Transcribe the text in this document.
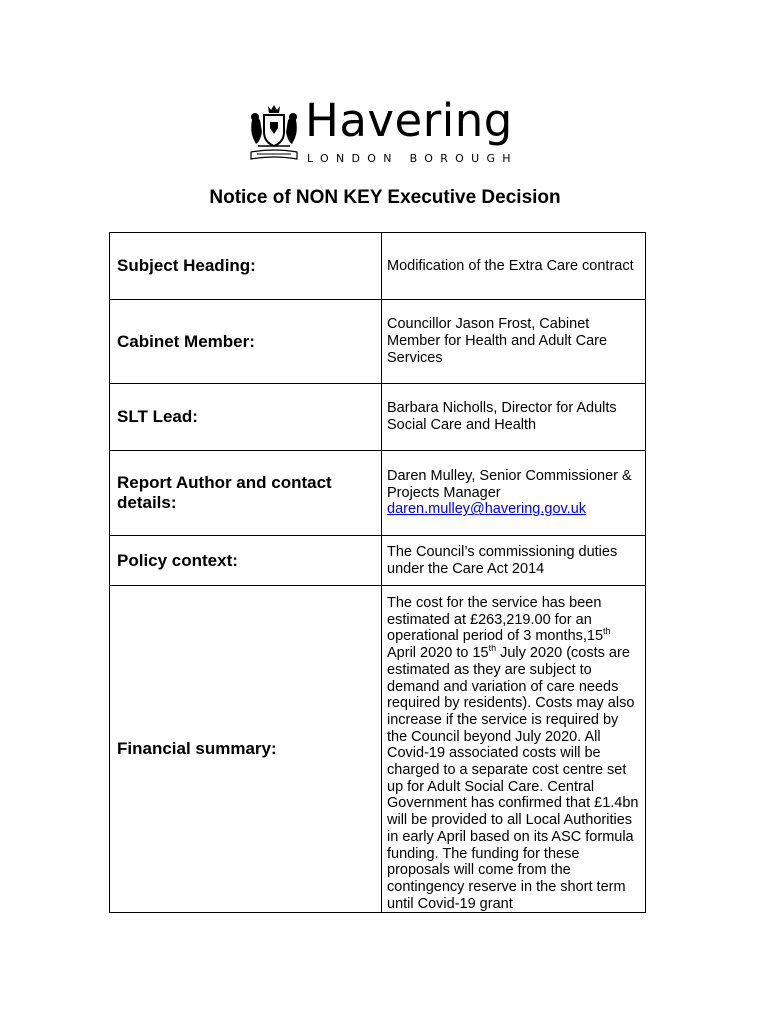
Havering
LONDON BOROUGH
Notice of NON KEY Executive Decision
Subject Heading:	Modification of the Extra Care contract
Cabinet Member:	Councillor Jason Frost, Cabinet Member for Health and Adult Care Services
SLT Lead:	Barbara Nicholls, Director for Adults Social Care and Health
Report Author and contact details:	Daren Mulley, Senior Commissioner & Projects Manager
daren.mulley@havering.gov.uk
Policy context:	The Council’s commissioning duties under the Care Act 2014
Financial summary:	The cost for the service has been estimated at £263,219.00 for an operational period of 3 months,15th April 2020 to 15th July 2020 (costs are estimated as they are subject to demand and variation of care needs required by residents). Costs may also increase if the service is required by the Council beyond July 2020. All Covid-19 associated costs will be charged to a separate cost centre set up for Adult Social Care. Central Government has confirmed that £1.4bn will be provided to all Local Authorities in early April based on its ASC formula funding. The funding for these proposals will come from the contingency reserve in the short term until Covid-19 grant
